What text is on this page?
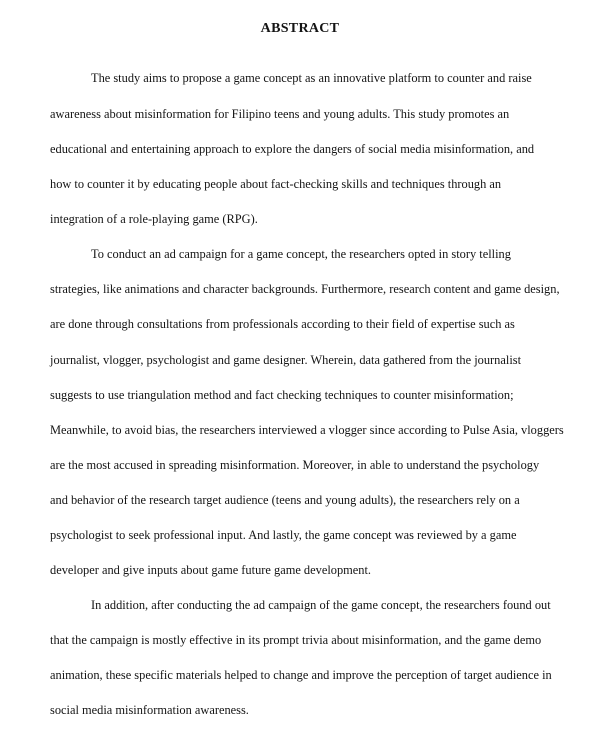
ABSTRACT
The study aims to propose a game concept as an innovative platform to counter and raise
awareness about misinformation for Filipino teens and young adults. This study promotes an
educational and entertaining approach to explore the dangers of social media misinformation, and
how to counter it by educating people about fact-checking skills and techniques through an
integration of a role-playing game (RPG).
To conduct an ad campaign for a game concept, the researchers opted in story telling
strategies, like animations and character backgrounds. Furthermore, research content and game design,
are done through consultations from professionals according to their field of expertise such as
journalist, vlogger, psychologist and game designer. Wherein, data gathered from the journalist
suggests to use triangulation method and fact checking techniques to counter misinformation;
Meanwhile, to avoid bias, the researchers interviewed a vlogger since according to Pulse Asia, vloggers
are the most accused in spreading misinformation. Moreover, in able to understand the psychology
and behavior of the research target audience (teens and young adults), the researchers rely on a
psychologist to seek professional input. And lastly, the game concept was reviewed by a game
developer and give inputs about game future game development.
In addition, after conducting the ad campaign of the game concept, the researchers found out
that the campaign is mostly effective in its prompt trivia about misinformation, and the game demo
animation, these specific materials helped to change and improve the perception of target audience in
social media misinformation awareness.
